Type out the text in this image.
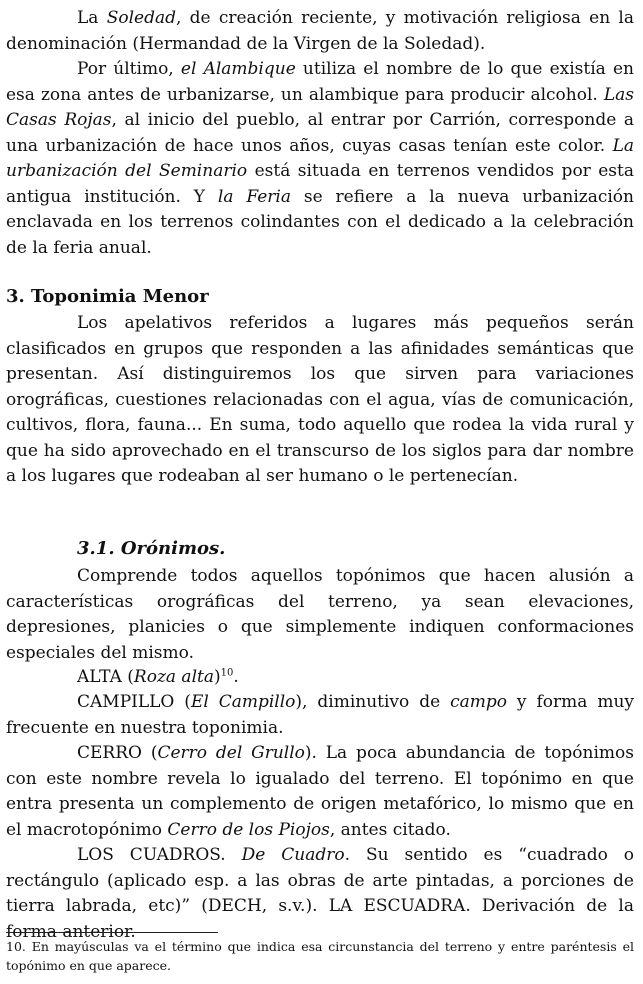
La Soledad, de creación reciente, y motivación religiosa en la denominación (Hermandad de la Virgen de la Soledad).

Por último, el Alambique utiliza el nombre de lo que existía en esa zona antes de urbanizarse, un alambique para producir alcohol. Las Casas Rojas, al inicio del pueblo, al entrar por Carrión, corresponde a una urbanización de hace unos años, cuyas casas tenían este color. La urbanización del Seminario está situada en terrenos vendidos por esta antigua institución. Y la Feria se refiere a la nueva urbanización enclavada en los terrenos colindantes con el dedicado a la celebración de la feria anual.

3. Toponimia Menor

Los apelativos referidos a lugares más pequeños serán clasificados en grupos que responden a las afinidades semánticas que presentan. Así distinguiremos los que sirven para variaciones orográficas, cuestiones relacionadas con el agua, vías de comunicación, cultivos, flora, fauna... En suma, todo aquello que rodea la vida rural y que ha sido aprovechado en el transcurso de los siglos para dar nombre a los lugares que rodeaban al ser humano o le pertenecían.

3.1. Orónimos.

Comprende todos aquellos topónimos que hacen alusión a características orográficas del terreno, ya sean elevaciones, depresiones, planicies o que simplemente indiquen conformaciones especiales del mismo.

ALTA (Roza alta)$^{10}$.

CAMPILLO (El Campillo), diminutivo de campo y forma muy frecuente en nuestra toponimia.

CERRO (Cerro del Grullo). La poca abundancia de topónimos con este nombre revela lo igualado del terreno. El topónimo en que entra presenta un complemento de origen metafórico, lo mismo que en el macrotopónimo Cerro de los Piojos, antes citado.

LOS CUADROS. De Cuadro. Su sentido es “cuadrado o rectángulo (aplicado esp. a las obras de arte pintadas, a porciones de tierra labrada, etc)” (DECH, s.v.). LA ESCUADRA. Derivación de la forma anterior.

10. En mayúsculas va el término que indica esa circunstancia del terreno y entre paréntesis el topónimo en que aparece.
